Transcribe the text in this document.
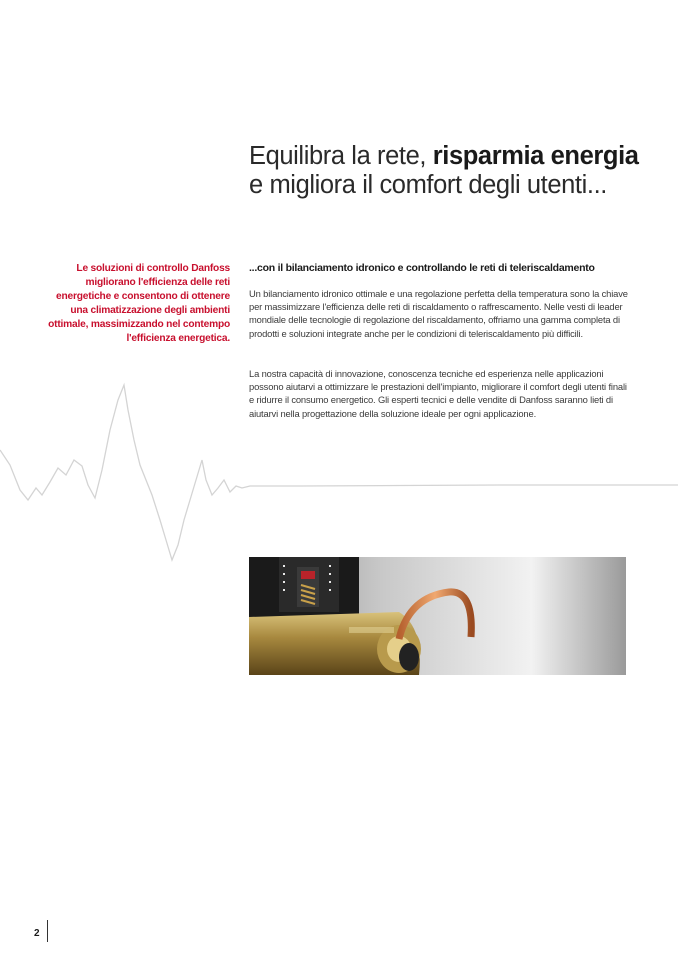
Equilibra la rete, risparmia energia e migliora il comfort degli utenti...
Le soluzioni di controllo Danfoss migliorano l'efficienza delle reti energetiche e consentono di ottenere una climatizzazione degli ambienti ottimale, massimizzando nel contempo l'efficienza energetica.
...con il bilanciamento idronico e controllando le reti di teleriscaldamento

Un bilanciamento idronico ottimale e una regolazione perfetta della temperatura sono la chiave per massimizzare l'efficienza delle reti di riscaldamento o raffrescamento. Nelle vesti di leader mondiale delle tecnologie di regolazione del riscaldamento, offriamo una gamma completa di prodotti e soluzioni integrate anche per le condizioni di teleriscaldamento più difficili.

La nostra capacità di innovazione, conoscenza tecniche ed esperienza nelle applicazioni possono aiutarvi a ottimizzare le prestazioni dell'impianto, migliorare il comfort degli utenti finali e ridurre il consumo energetico. Gli esperti tecnici e delle vendite di Danfoss saranno lieti di aiutarvi nella progettazione della soluzione ideale per ogni applicazione.

2
